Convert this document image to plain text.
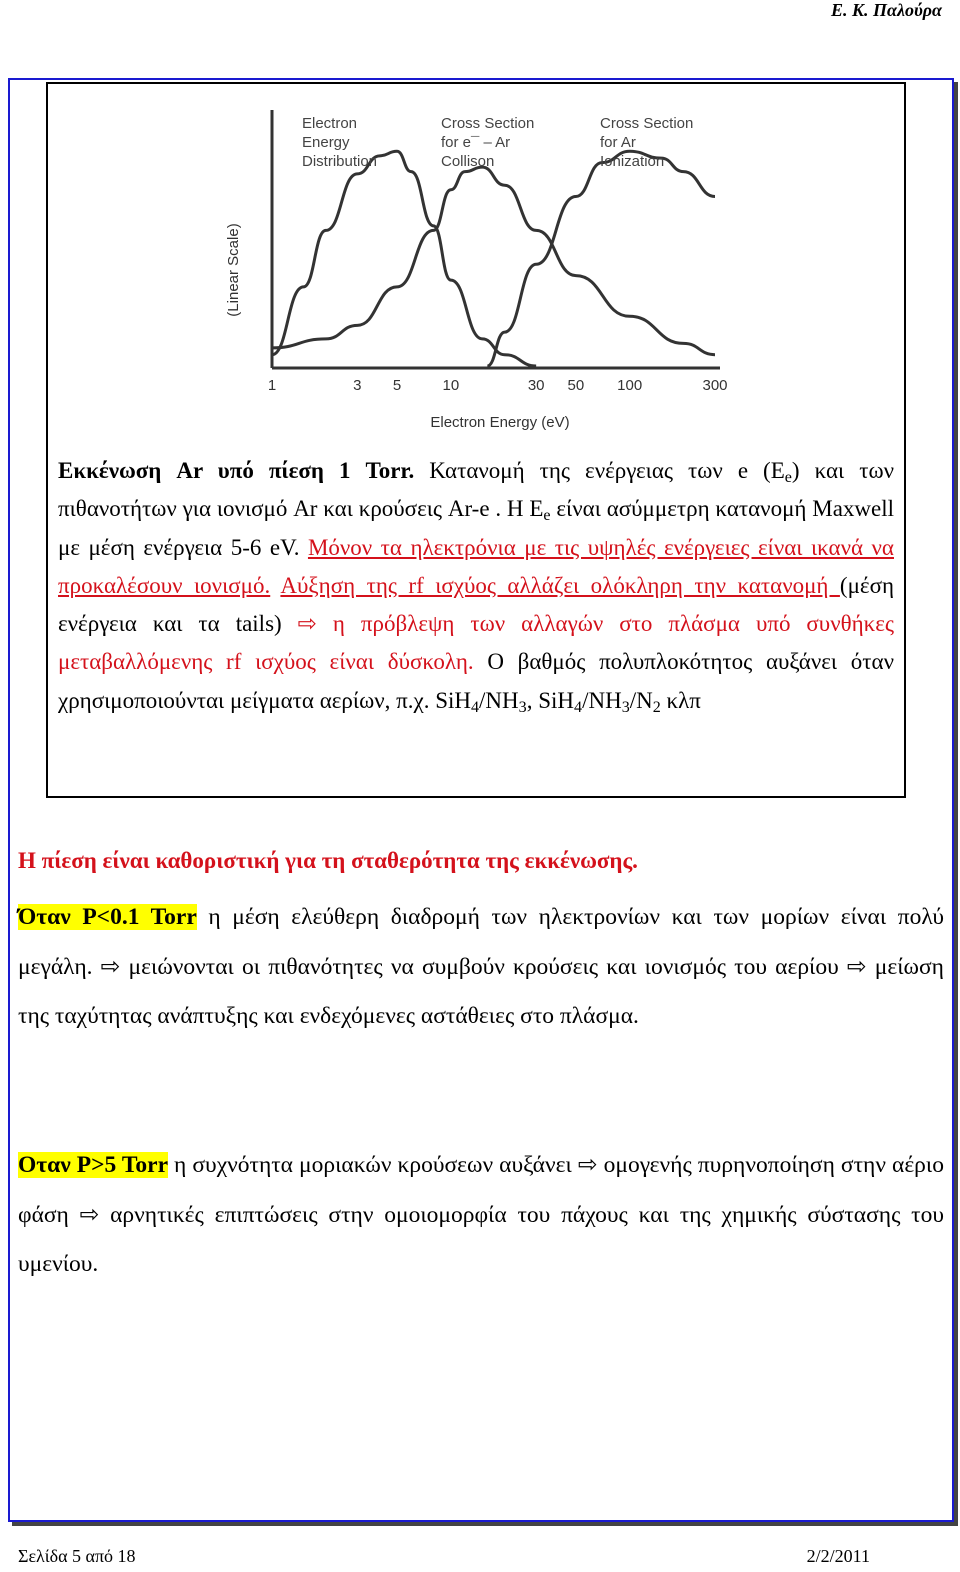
Ε. Κ. Παλούρα
1	3 5	10	30 50 100	300
(Linear Scale)
Electron Energy (eV)
Electron
Energy
Distribution
Cross Section
for e¯ – Ar
Collison
Cross Section
for Ar
Ionization

Εκκένωση Ar υπό πίεση 1 Torr. Κατανομή της ενέργειας των e $(E_e)$ και των πιθανοτήτων για ιονισμό Ar και κρούσεις Ar-e . Η $E_e$ είναι ασύμμετρη κατανομή Maxwell με μέση ενέργεια 5-6 eV. Μόνον τα ηλεκτρόνια με τις υψηλές ενέργειες είναι ικανά να προκαλέσουν ιονισμό. Αύξηση της rf ισχύος αλλάζει ολόκληρη την κατανομή (μέση ενέργεια και τα tails) ⇨ η πρόβλεψη των αλλαγών στο πλάσμα υπό συνθήκες μεταβαλλόμενης rf ισχύος είναι δύσκολη. Ο βαθμός πολυπλοκότητος αυξάνει όταν χρησιμοποιούνται μείγματα αερίων, π.χ. $SiH_4/NH_3$, $SiH_4/NH_3/N_2$ κλπ

Η πίεση είναι καθοριστική για τη σταθερότητα της εκκένωσης.
Όταν P<0.1 Torr η μέση ελεύθερη διαδρομή των ηλεκτρονίων και των μορίων είναι πολύ μεγάλη. ⇨ μειώνονται οι πιθανότητες να συμβούν κρούσεις και ιονισμός του αερίου ⇨ μείωση της ταχύτητας ανάπτυξης και ενδεχόμενες αστάθειες στο πλάσμα.
Οταν P>5 Torr η συχνότητα μοριακών κρούσεων αυξάνει ⇨ ομογενής πυρηνοποίηση στην αέριο φάση ⇨ αρνητικές επιπτώσεις στην ομοιομορφία του πάχους και της χημικής σύστασης του υμενίου.
Σελίδα 5 από 18	2/2/2011
